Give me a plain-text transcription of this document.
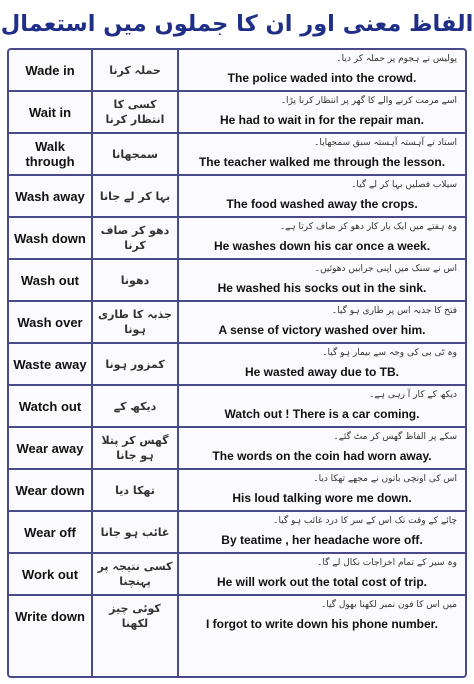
الفاظ معنی اور ان کا جملوں میں استعمال
Wade in	حملہ کرنا
پولیس نے ہجوم پر حملہ کر دیا۔
The police waded into the crowd.
Wait in	کسی کا انتظار کرنا
اسے مرمت کرنے والے کا گھر پر انتظار کرنا پڑا۔
He had to wait in for the repair man.
Walk through	سمجھانا
استاد نے آہستہ آہستہ سبق سمجھایا۔
The teacher walked me through the lesson.
Wash away	بہا کر لے جانا
سیلاب فصلیں بہا کر لے گیا۔
The food washed away the crops.
Wash down	دھو کر صاف کرنا
وہ ہفتے میں ایک بار کار دھو کر صاف کرتا ہے۔
He washes down his car once a week.
Wash out	دھونا
اس نے سنک میں اپنی جرابیں دھوئیں۔
He washed his socks out in the sink.
Wash over	جذبہ کا طاری ہونا
فتح کا جذبہ اس پر طاری ہو گیا۔
A sense of victory washed over him.
Waste away	کمزور ہونا
وہ ٹی بی کی وجہ سے بیمار ہو گیا۔
He wasted away due to TB.
Watch out	دیکھ کے
دیکھ کے کار آ رہی ہے۔
Watch out ! There is a car coming.
Wear away	گھس کر پتلا ہو جانا
سکے پر الفاظ گھس کر مٹ گئے۔
The words on the coin had worn away.
Wear down	تھکا دیا
اس کی اونچی باتوں نے مجھے تھکا دیا۔
His loud talking wore me down.
Wear off	غائب ہو جانا
چائے کے وقت تک اس کے سر کا درد غائب ہو گیا۔
By teatime , her headache wore off.
Work out	کسی نتیجہ پر پہنچنا
وہ سیر کے تمام اخراجات نکال لے گا۔
He will work out the total cost of trip.
Write down	کوئی چیز لکھنا
میں اس کا فون نمبر لکھنا بھول گیا۔
I forgot to write down his phone number.
